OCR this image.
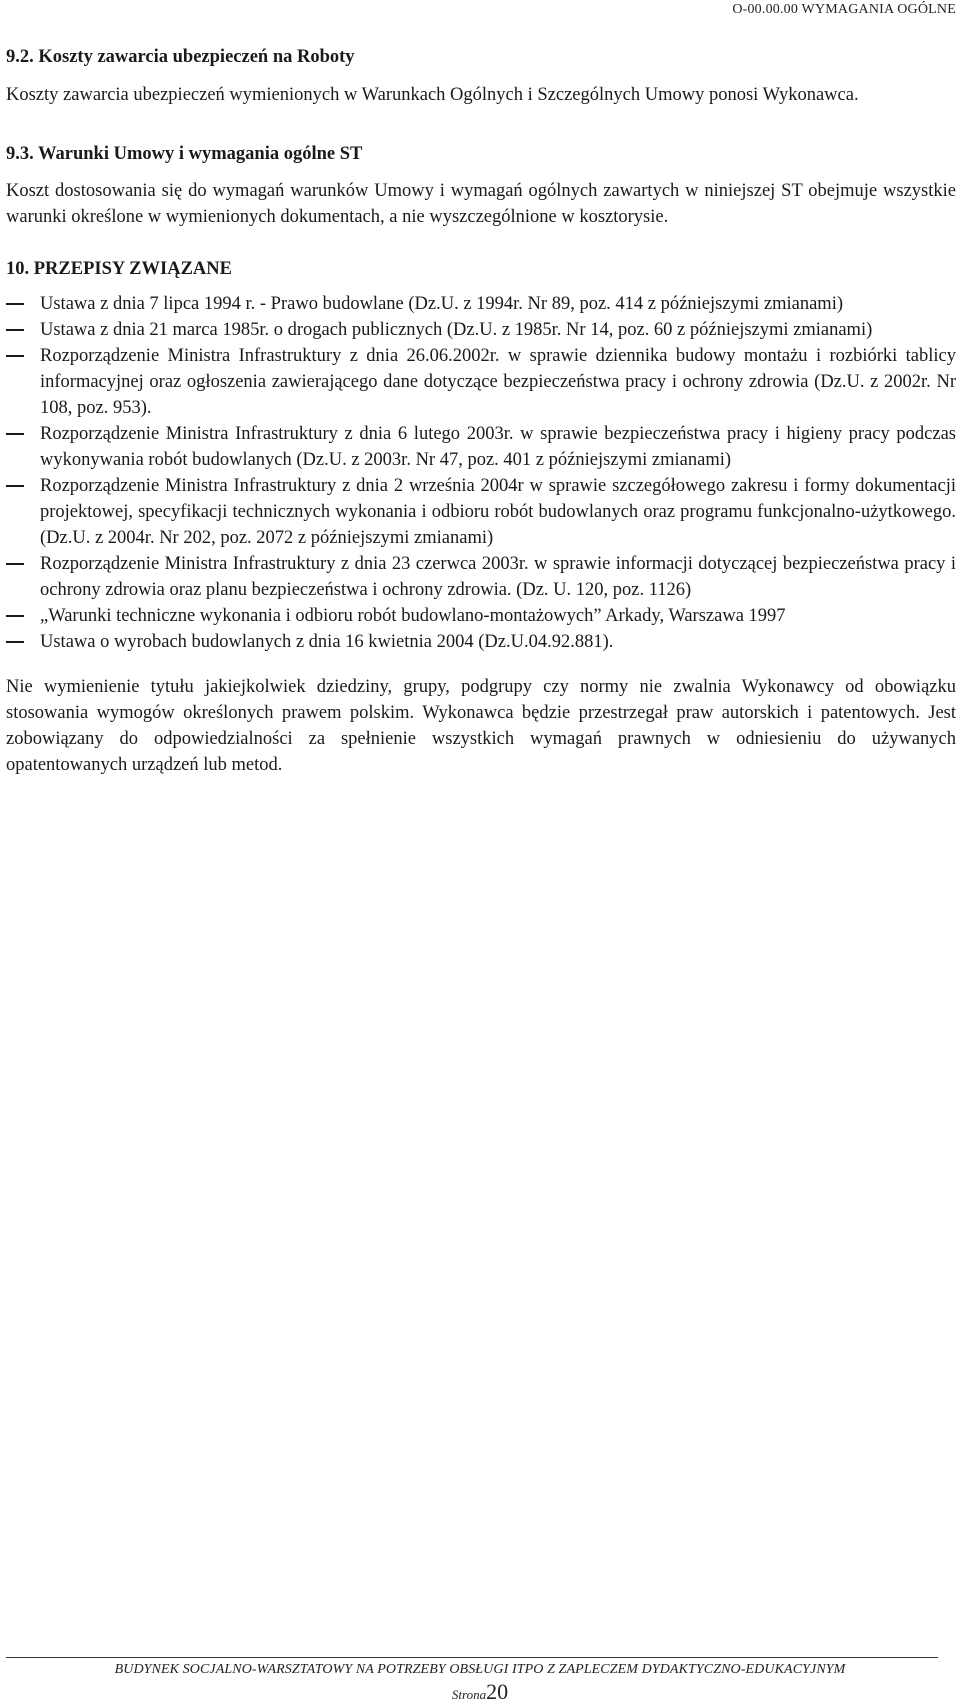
O-00.00.00 WYMAGANIA OGÓLNE

9.2. Koszty zawarcia ubezpieczeń na Roboty

Koszty zawarcia ubezpieczeń wymienionych w Warunkach Ogólnych i Szczególnych Umowy ponosi Wykonawca.

9.3. Warunki Umowy i wymagania ogólne ST

Koszt dostosowania się do wymagań warunków Umowy i wymagań ogólnych zawartych w niniejszej ST obejmuje wszystkie warunki określone w wymienionych dokumentach, a nie wyszczególnione w kosztorysie.

10. PRZEPISY ZWIĄZANE

Ustawa z dnia 7 lipca 1994 r. - Prawo budowlane (Dz.U. z 1994r. Nr 89, poz. 414 z późniejszymi zmianami)
Ustawa z dnia 21 marca 1985r. o drogach publicznych (Dz.U. z 1985r. Nr 14, poz. 60 z późniejszymi zmianami)
Rozporządzenie Ministra Infrastruktury z dnia 26.06.2002r. w sprawie dziennika budowy montażu i rozbiórki tablicy informacyjnej oraz ogłoszenia zawierającego dane dotyczące bezpieczeństwa pracy i ochrony zdrowia (Dz.U. z 2002r. Nr 108, poz. 953).
Rozporządzenie Ministra Infrastruktury z dnia 6 lutego 2003r. w sprawie bezpieczeństwa pracy i higieny pracy podczas wykonywania robót budowlanych (Dz.U. z 2003r. Nr 47, poz. 401 z późniejszymi zmianami)
Rozporządzenie Ministra Infrastruktury z dnia 2 września 2004r w sprawie szczegółowego zakresu i formy dokumentacji projektowej, specyfikacji technicznych wykonania i odbioru robót budowlanych oraz programu funkcjonalno-użytkowego. (Dz.U. z 2004r. Nr 202, poz. 2072 z późniejszymi zmianami)
Rozporządzenie Ministra Infrastruktury z dnia 23 czerwca 2003r. w sprawie informacji dotyczącej bezpieczeństwa pracy i ochrony zdrowia oraz planu bezpieczeństwa i ochrony zdrowia. (Dz. U. 120, poz. 1126)
„Warunki techniczne wykonania i odbioru robót budowlano-montażowych” Arkady, Warszawa 1997
Ustawa o wyrobach budowlanych z dnia 16 kwietnia 2004 (Dz.U.04.92.881).

Nie wymienienie tytułu jakiejkolwiek dziedziny, grupy, podgrupy czy normy nie zwalnia Wykonawcy od obowiązku stosowania wymogów określonych prawem polskim. Wykonawca będzie przestrzegał praw autorskich i patentowych. Jest zobowiązany do odpowiedzialności za spełnienie wszystkich wymagań prawnych w odniesieniu do używanych opatentowanych urządzeń lub metod.

BUDYNEK SOCJALNO-WARSZTATOWY NA POTRZEBY OBSŁUGI ITPO Z ZAPLECZEM DYDAKTYCZNO-EDUKACYJNYM
Strona20
